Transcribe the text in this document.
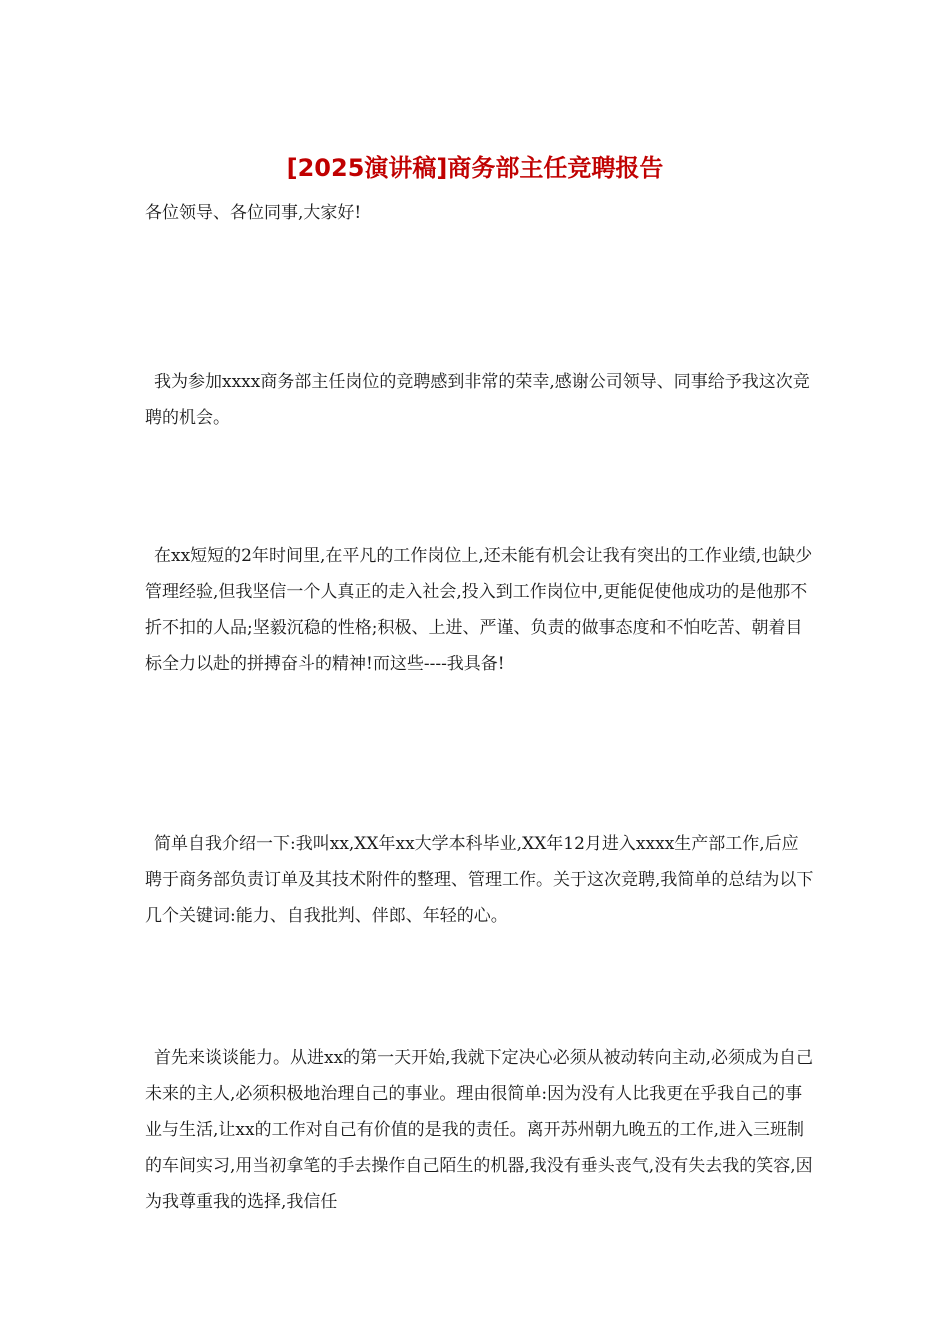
[2025演讲稿]商务部主任竞聘报告
各位领导、各位同事,大家好!
我为参加xxxx商务部主任岗位的竞聘感到非常的荣幸,感谢公司领导、同事给予我这次竞聘的机会。
在xx短短的2年时间里,在平凡的工作岗位上,还未能有机会让我有突出的工作业绩,也缺少管理经验,但我坚信一个人真正的走入社会,投入到工作岗位中,更能促使他成功的是他那不折不扣的人品;坚毅沉稳的性格;积极、上进、严谨、负责的做事态度和不怕吃苦、朝着目标全力以赴的拼搏奋斗的精神!而这些----我具备!
简单自我介绍一下:我叫xx,XX年xx大学本科毕业,XX年12月进入xxxx生产部工作,后应聘于商务部负责订单及其技术附件的整理、管理工作。关于这次竞聘,我简单的总结为以下几个关键词:能力、自我批判、伴郎、年轻的心。
首先来谈谈能力。从进xx的第一天开始,我就下定决心必须从被动转向主动,必须成为自己未来的主人,必须积极地治理自己的事业。理由很简单:因为没有人比我更在乎我自己的事业与生活,让xx的工作对自己有价值的是我的责任。离开苏州朝九晚五的工作,进入三班制的车间实习,用当初拿笔的手去操作自己陌生的机器,我没有垂头丧气,没有失去我的笑容,因为我尊重我的选择,我信任
